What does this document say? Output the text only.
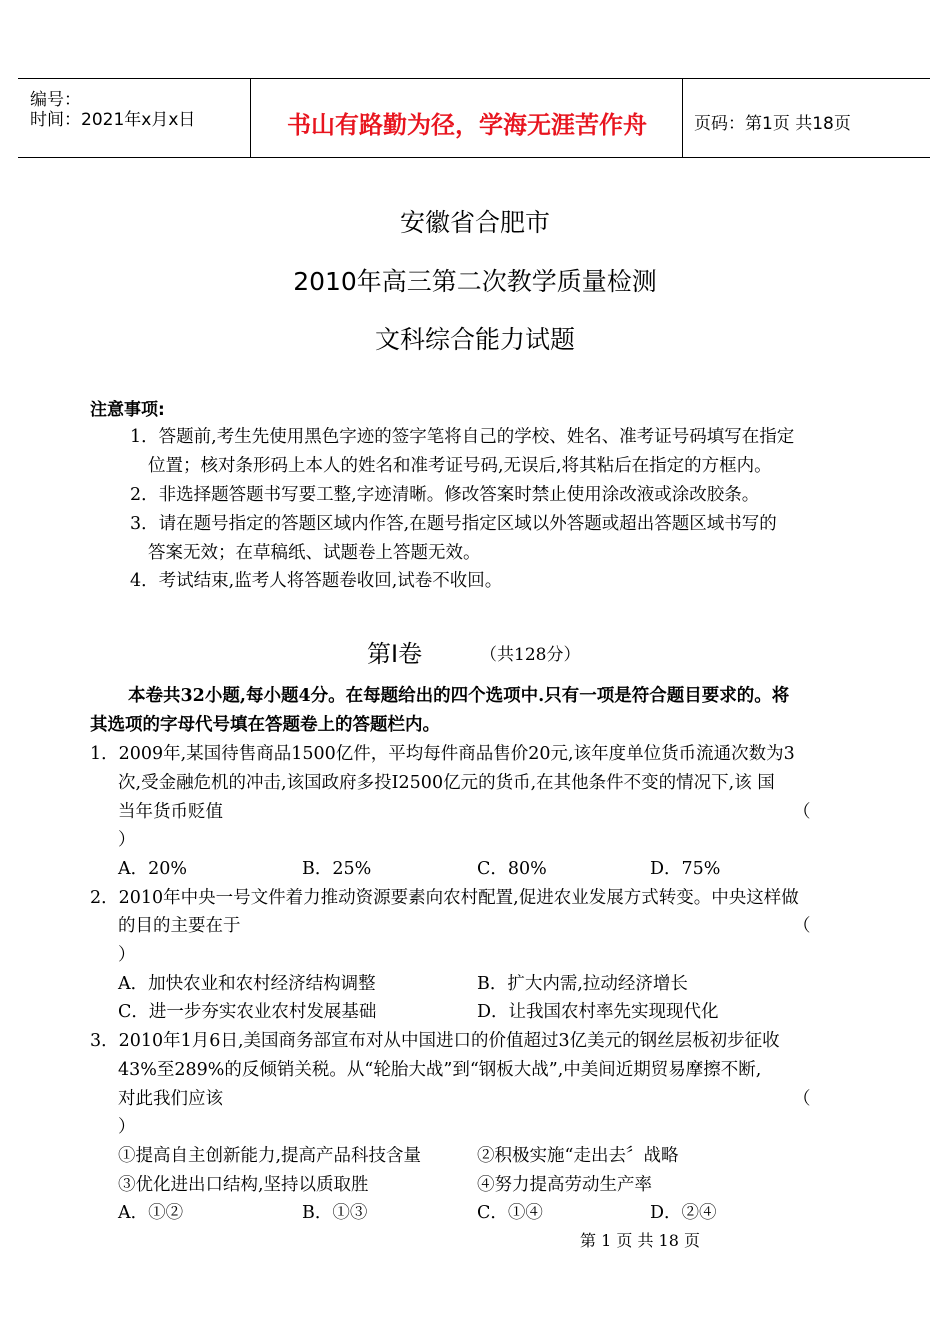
编号：
时间：2021年x月x日	书山有路勤为径，学海无涯苦作舟	页码：第1页 共18页
安徽省合肥市
2010年高三第二次教学质量检测
文科综合能力试题
注意事项:
1．答题前,考生先使用黑色字迹的签字笔将自己的学校、姓名、准考证号码填写在指定
位置；核对条形码上本人的姓名和准考证号码,无误后,将其粘后在指定的方框内。
2．非选择题答题书写要工整,字迹清晰。修改答案时禁止使用涂改液或涂改胶条。
3．请在题号指定的答题区域内作答,在题号指定区域以外答题或超出答题区域书写的
答案无效；在草稿纸、试题卷上答题无效。
4．考试结束,监考人将答题卷收回,试卷不收回。
第Ⅰ卷	（共128分）
本卷共32小题,每小题4分。在每题给出的四个选项中.只有一项是符合题目要求的。将
其选项的字母代号填在答题卷上的答题栏内。
1．2009年,某国待售商品1500亿件，平均每件商品售价20元,该年度单位货币流通次数为3
次,受金融危机的冲击,该国政府多投I2500亿元的货币,在其他条件不变的情况下,该 国
当年货币贬值	（
）
A．20%	B．25%	C．80%	D．75%
2．2010年中央一号文件着力推动资源要素向农村配置,促进农业发展方式转变。中央这样做
的目的主要在于	（
）
A．加快农业和农村经济结构调整	B．扩大内需,拉动经济增长
C．进一步夯实农业农村发展基础	D．让我国农村率先实现现代化
3．2010年1月6日,美国商务部宣布对从中国进口的价值超过3亿美元的钢丝层板初步征收
43%至289%的反倾销关税。从“轮胎大战”到“钢板大战”,中美间近期贸易摩擦不断,
对此我们应该	（
）
①提高自主创新能力,提高产品科技含量	②积极实施“走出去〞战略
③优化进出口结构,坚持以质取胜	④努力提高劳动生产率
A．①②	B．①③	C．①④	D．②④
第 1 页 共 18 页
